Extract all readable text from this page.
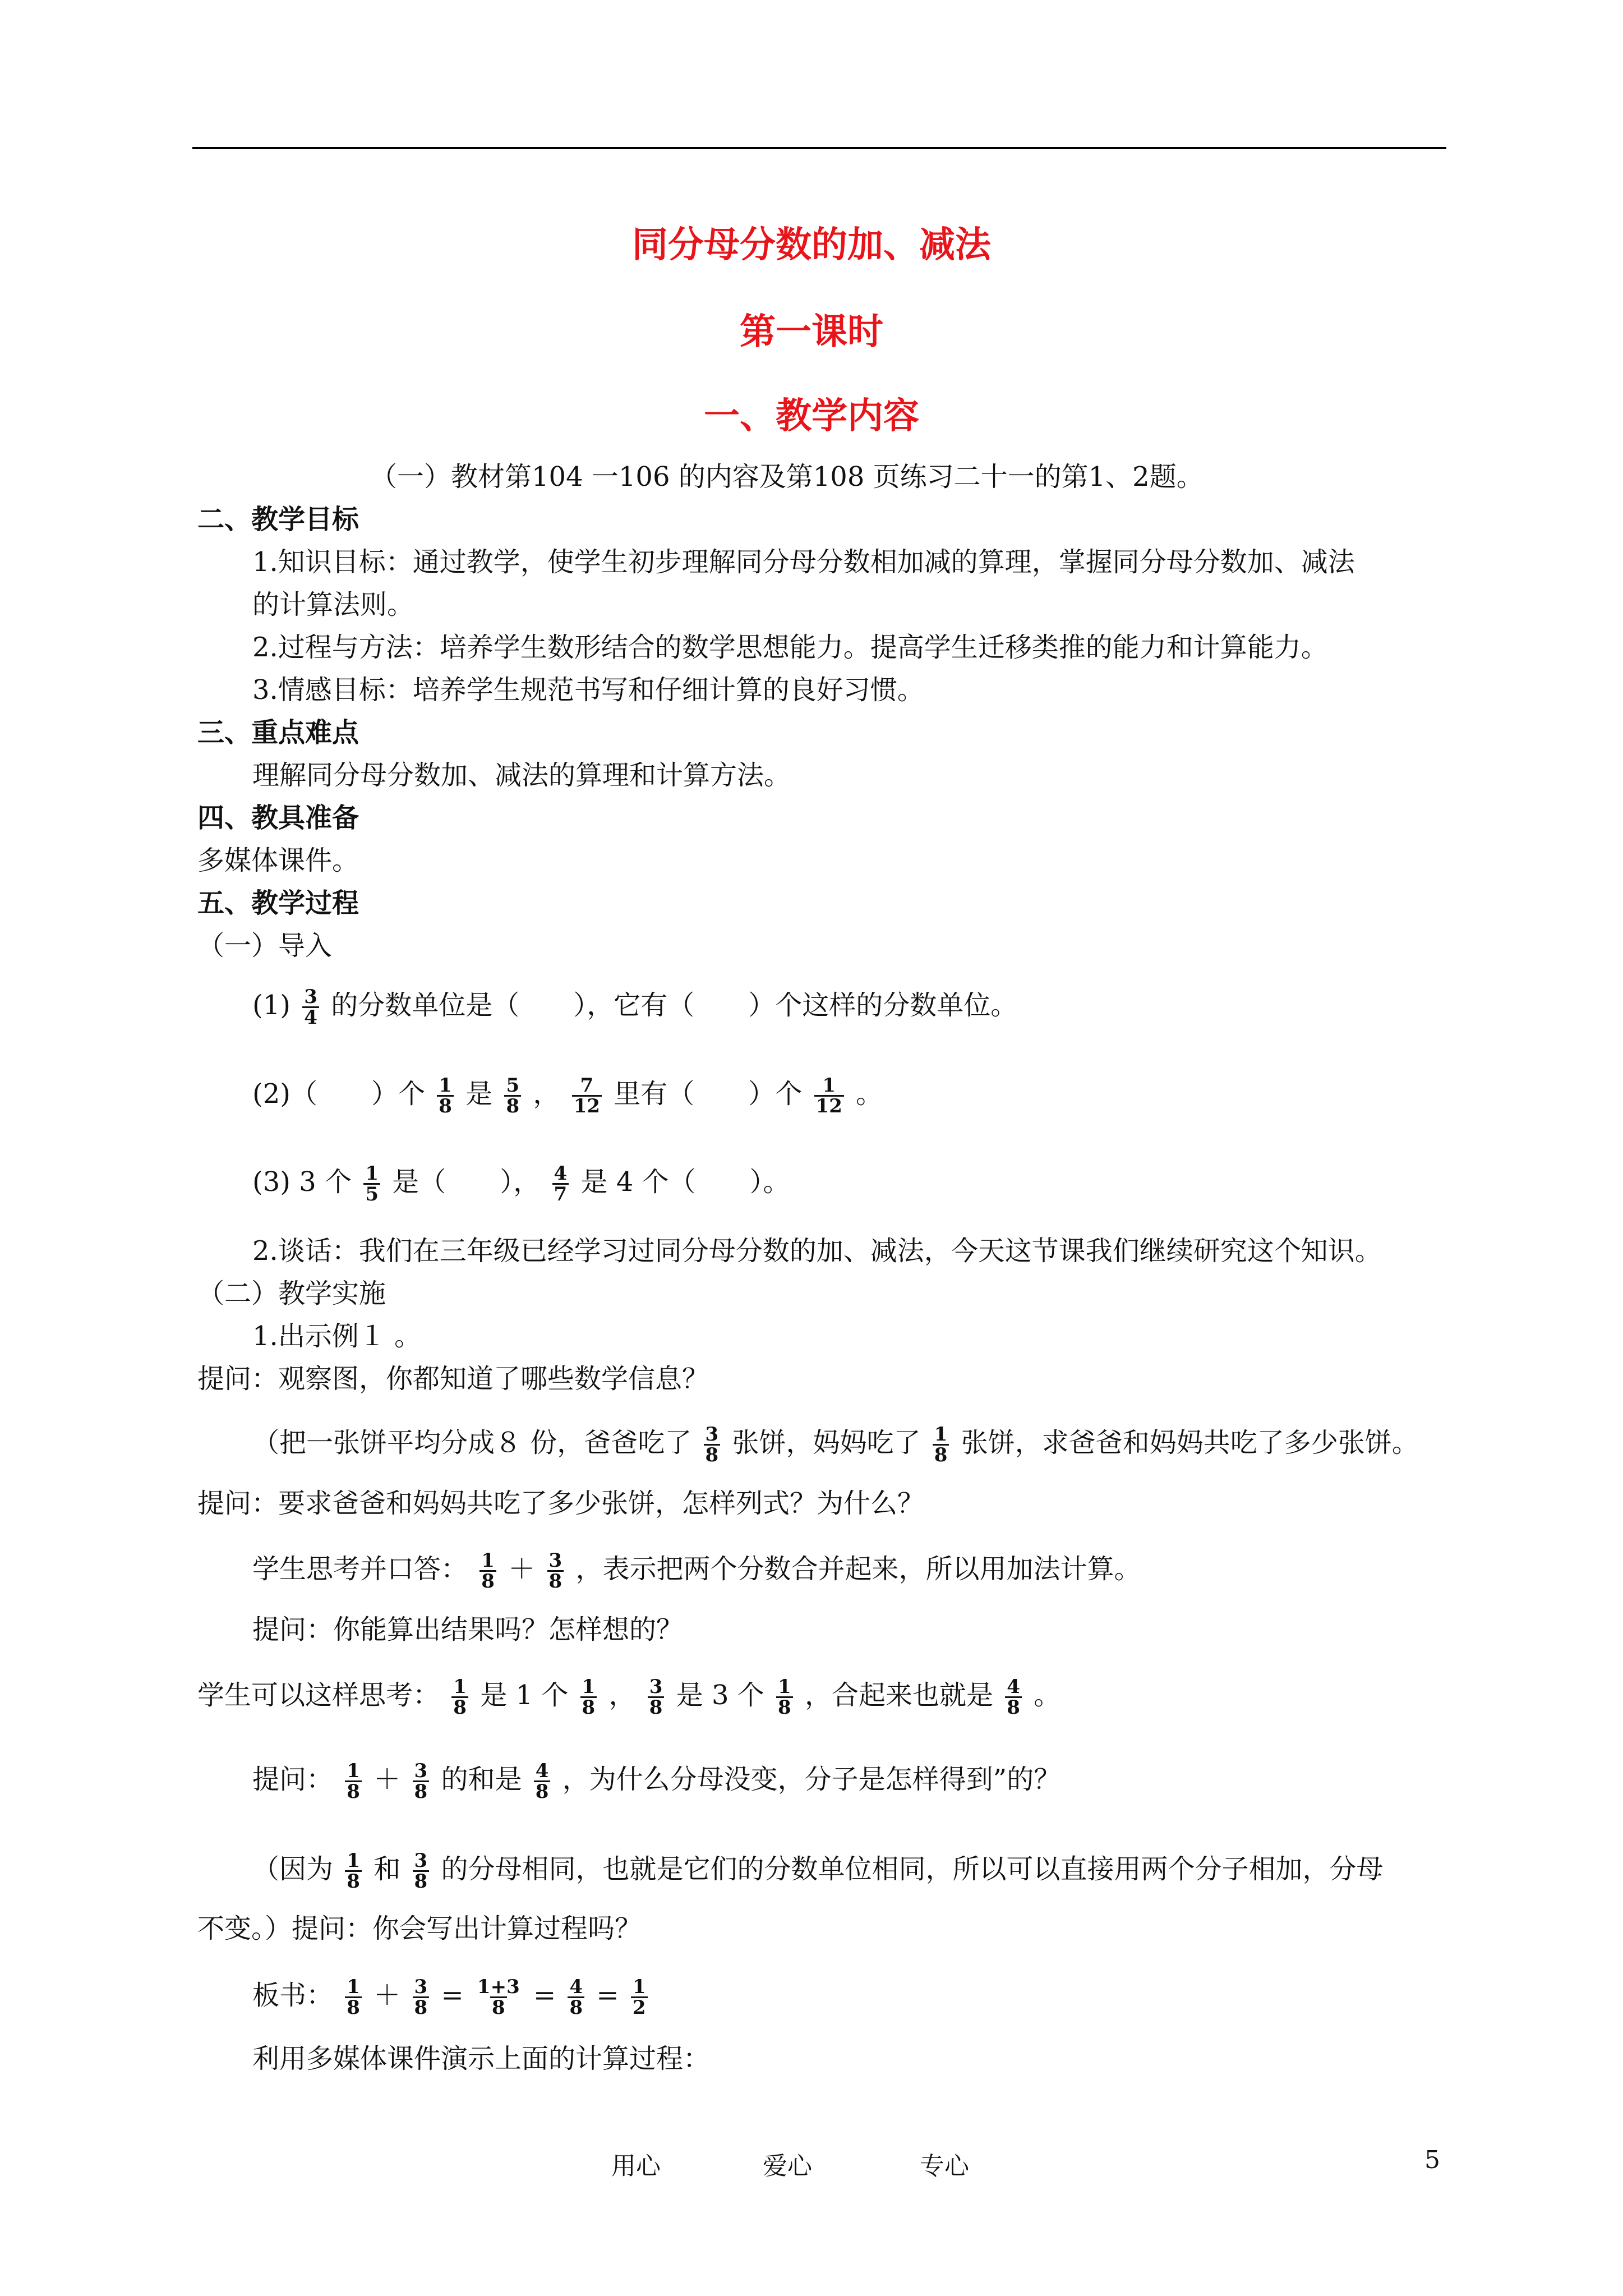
同分母分数的加、减法
第一课时
一、教学内容
（一）教材第104 一106 的内容及第108 页练习二十一的第1、2题。
二、教学目标
1.知识目标：通过教学，使学生初步理解同分母分数相加减的算理，掌握同分母分数加、减法
的计算法则。
2.过程与方法：培养学生数形结合的数学思想能力。提高学生迁移类推的能力和计算能力。
3.情感目标：培养学生规范书写和仔细计算的良好习惯。
三、重点难点
理解同分母分数加、减法的算理和计算方法。
四、教具准备
多媒体课件。
五、教学过程
（一）导入
$(1) \frac{3}{4}$ 的分数单位是（　　），它有（　　）个这样的分数单位。
(2)（　　）个 $\frac{1}{8}$ 是 $\frac{5}{8}$ ， $\frac{7}{12}$ 里有（　　）个 $\frac{1}{12}$ 。
(3) 3 个 $\frac{1}{5}$ 是（　　）， $\frac{4}{7}$ 是 4 个（　　）。
2.谈话：我们在三年级已经学习过同分母分数的加、减法，今天这节课我们继续研究这个知识。
（二）教学实施
1.出示例１ 。
提问：观察图，你都知道了哪些数学信息？
（把一张饼平均分成８ 份，爸爸吃了 $\frac{3}{8}$ 张饼，妈妈吃了 $\frac{1}{8}$ 张饼，求爸爸和妈妈共吃了多少张饼。
提问：要求爸爸和妈妈共吃了多少张饼，怎样列式？为什么？
学生思考并口答： $\frac{1}{8} + \frac{3}{8}$ ，表示把两个分数合并起来，所以用加法计算。
提问：你能算出结果吗？怎样想的？
学生可以这样思考： $\frac{1}{8}$ 是 1 个 $\frac{1}{8}$ ， $\frac{3}{8}$ 是 3 个 $\frac{1}{8}$ ，合起来也就是 $\frac{4}{8}$ 。
提问： $\frac{1}{8} + \frac{3}{8}$ 的和是 $\frac{4}{8}$ ，为什么分母没变，分子是怎样得到”的？
（因为 $\frac{1}{8}$ 和 $\frac{3}{8}$ 的分母相同，也就是它们的分数单位相同，所以可以直接用两个分子相加，分母
不变。）提问：你会写出计算过程吗？
板书： $\frac{1}{8} + \frac{3}{8} = \frac{1+3}{8} = \frac{4}{8} = \frac{1}{2}$
利用多媒体课件演示上面的计算过程：
用心	爱心	专心	5
